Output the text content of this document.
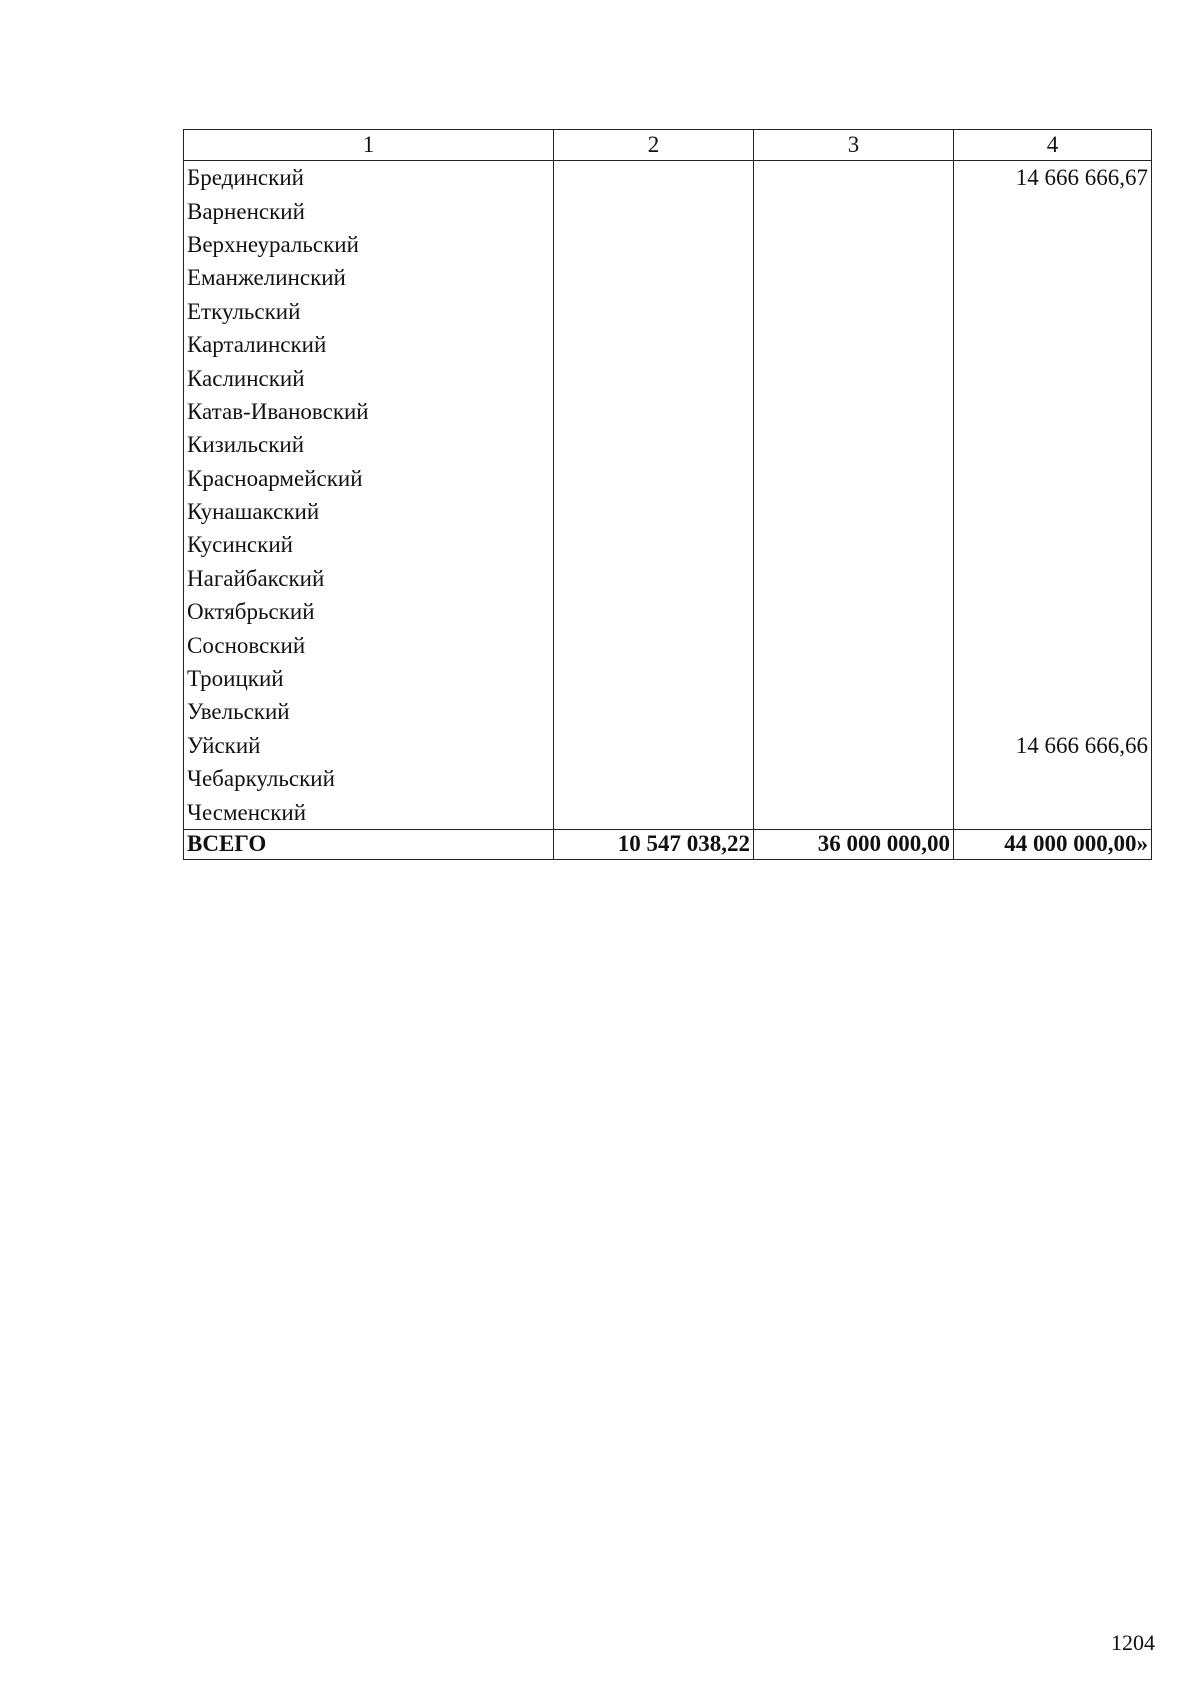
1	2	3	4
Брединский			14 666 666,67
Варненский			
Верхнеуральский			
Еманжелинский			
Еткульский			
Карталинский			
Каслинский			
Катав-Ивановский			
Кизильский			
Красноармейский			
Кунашакский			
Кусинский			
Нагайбакский			
Октябрьский			
Сосновский			
Троицкий			
Увельский			
Уйский			14 666 666,66
Чебаркульский			
Чесменский			
ВСЕГО	10 547 038,22	36 000 000,00	44 000 000,00»
1204
